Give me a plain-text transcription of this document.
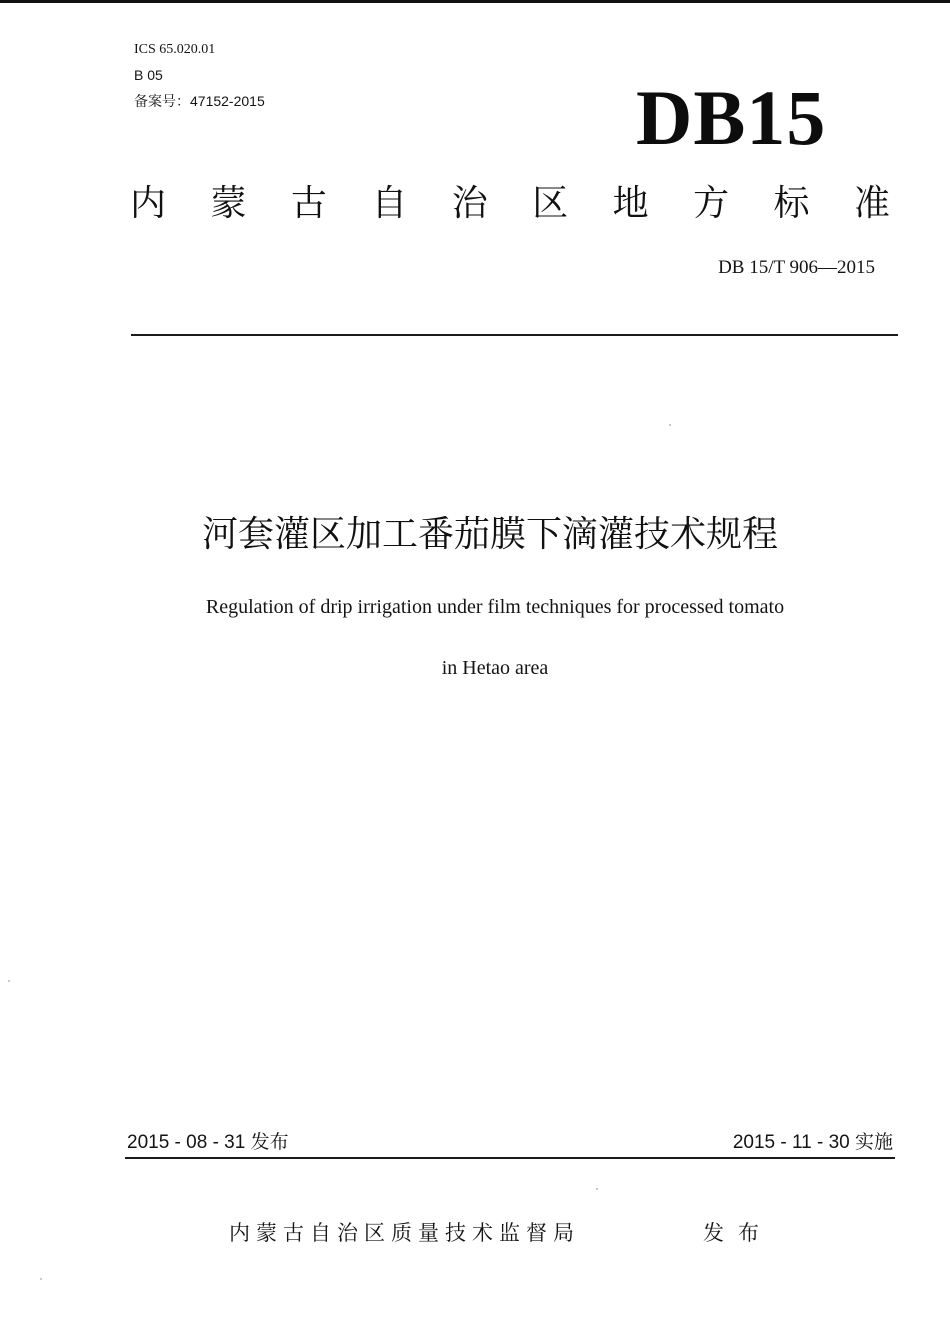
ICS 65.020.01
B 05
备案号：47152-2015	DB15
内 蒙 古 自 治 区 地 方 标 准
DB 15/T 906—2015
河套灌区加工番茄膜下滴灌技术规程
Regulation of drip irrigation under film techniques for processed tomato
in Hetao area
2015 - 08 - 31 发布	2015 - 11 - 30 实施
内蒙古自治区质量技术监督局	发布
